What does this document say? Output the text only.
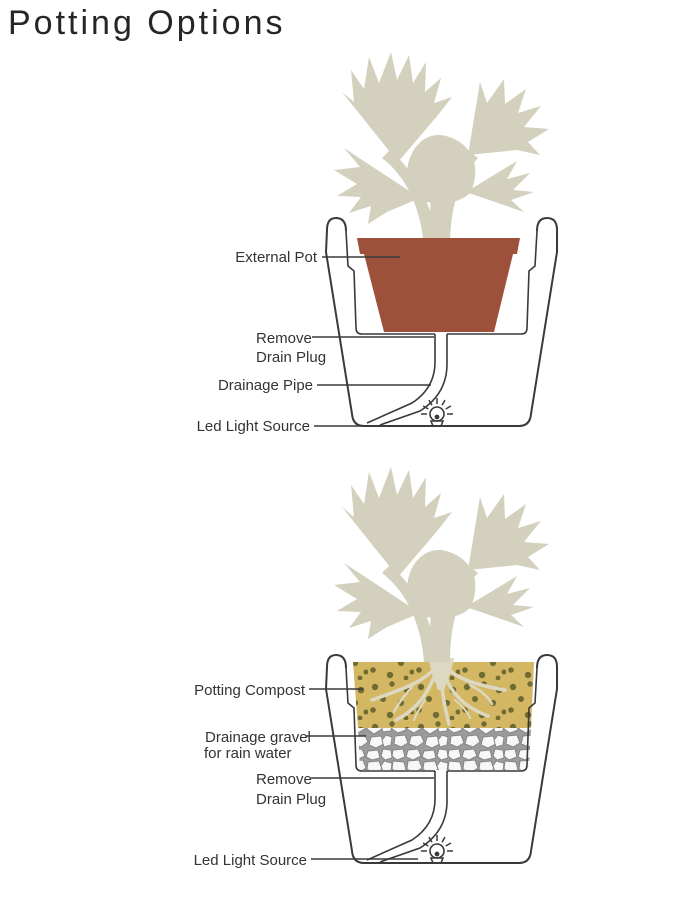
Potting Options
External Pot
Remove
Drain Plug
Drainage Pipe
Led Light Source
Potting Compost
Drainage gravel
for rain water
Remove
Drain Plug
Led Light Source
